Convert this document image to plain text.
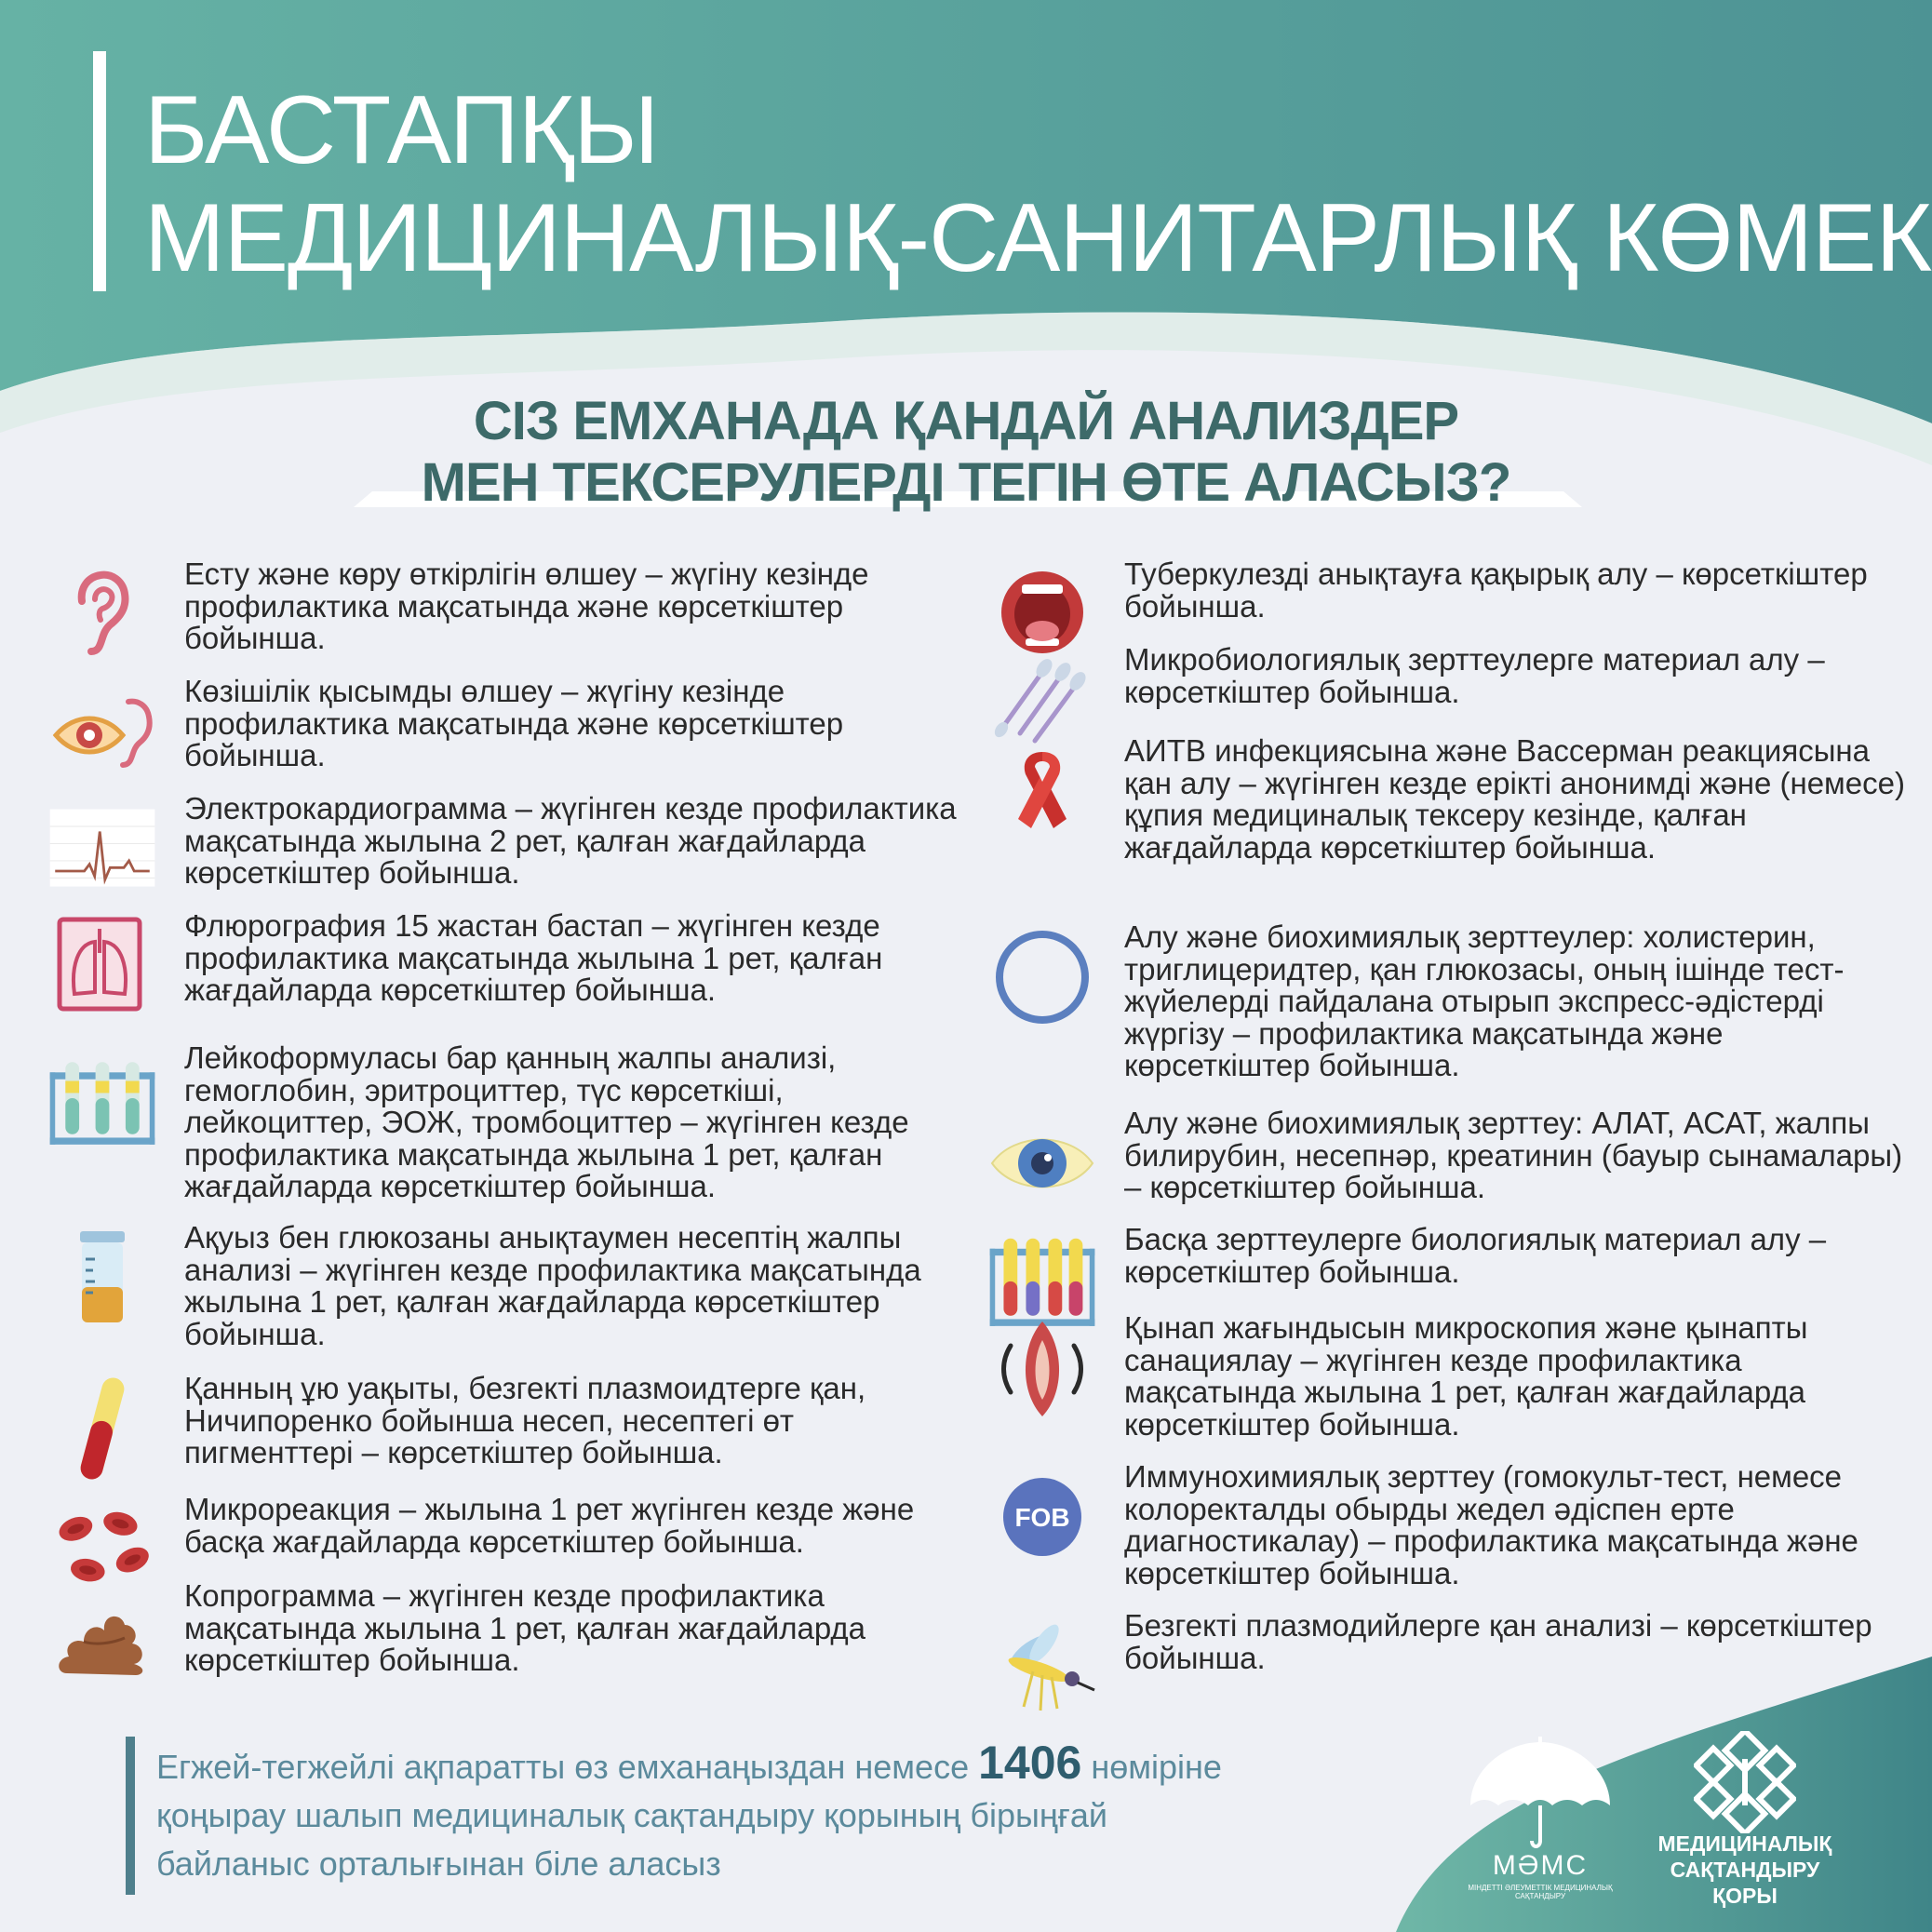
БАСТАПҚЫ
МЕДИЦИНАЛЫҚ-САНИТАРЛЫҚ КӨМЕК
СІЗ ЕМХАНАДА ҚАНДАЙ АНАЛИЗДЕР
МЕН ТЕКСЕРУЛЕРДІ ТЕГІН ӨТЕ АЛАСЫЗ?
Есту және көру өткірлігін өлшеу – жүгіну кезінде профилактика мақсатында және көрсеткіштер бойынша.
Көзішілік қысымды өлшеу – жүгіну кезінде профилактика мақсатында және көрсеткіштер бойынша.
Электрокардиограмма – жүгінген кезде профилактика мақсатында жылына 2 рет, қалған жағдайларда көрсеткіштер бойынша.
Флюрография 15 жастан бастап – жүгінген кезде профилактика мақсатында жылына 1 рет, қалған жағдайларда көрсеткіштер бойынша.
Лейкоформуласы бар қанның жалпы анализі, гемоглобин, эритроциттер, түс көрсеткіші, лейкоциттер, ЭОЖ, тромбоциттер – жүгінген кезде профилактика мақсатында жылына 1 рет, қалған жағдайларда көрсеткіштер бойынша.
Ақуыз бен глюкозаны анықтаумен несептің жалпы анализі – жүгінген кезде профилактика мақсатында жылына 1 рет, қалған жағдайларда көрсеткіштер бойынша.
Қанның ұю уақыты, безгекті плазмоидтерге қан, Ничипоренко бойынша несеп, несептегі өт пигменттері – көрсеткіштер бойынша.
Микрореакция – жылына 1 рет жүгінген кезде және басқа жағдайларда көрсеткіштер бойынша.
Копрограмма – жүгінген кезде профилактика мақсатында жылына 1 рет, қалған жағдайларда көрсеткіштер бойынша.
Туберкулезді анықтауға қақырық алу – көрсеткіштер бойынша.
Микробиологиялық зерттеулерге материал алу – көрсеткіштер бойынша.
АИТВ инфекциясына және Вассерман реакциясына қан алу – жүгінген кезде ерікті анонимді және (немесе) құпия медициналық тексеру кезінде, қалған жағдайларда көрсеткіштер бойынша.
Алу және биохимиялық зерттеулер: холистерин, триглицеридтер, қан глюкозасы, оның ішінде тест-жүйелерді пайдалана отырып экспресс-әдістерді жүргізу – профилактика мақсатында және көрсеткіштер бойынша.
Алу және биохимиялық зерттеу: АЛАТ, АСАТ, жалпы билирубин, несепнәр, креатинин (бауыр сынамалары) – көрсеткіштер бойынша.
Басқа зерттеулерге биологиялық материал алу – көрсеткіштер бойынша.
Қынап жағындысын микроскопия және қынапты санациялау – жүгінген кезде профилактика мақсатында жылына 1 рет, қалған жағдайларда көрсеткіштер бойынша.
FOB
Иммунохимиялық зерттеу (гомокульт-тест, немесе колоректалды обырды жедел әдіспен ерте диагностикалау) – профилактика мақсатында және көрсеткіштер бойынша.
Безгекті плазмодийлерге қан анализі – көрсеткіштер бойынша.
Егжей-тегжейлі ақпаратты өз емханаңыздан немесе 1406 нөміріне қоңырау шалып медициналық сақтандыру қорының бірыңғай байланыс орталығынан біле аласыз	МӘМС
МІНДЕТТІ ӘЛЕУМЕТТІК МЕДИЦИНАЛЫҚ САҚТАНДЫРУ
МЕДИЦИНАЛЫҚ
САҚТАНДЫРУ
ҚОРЫ
